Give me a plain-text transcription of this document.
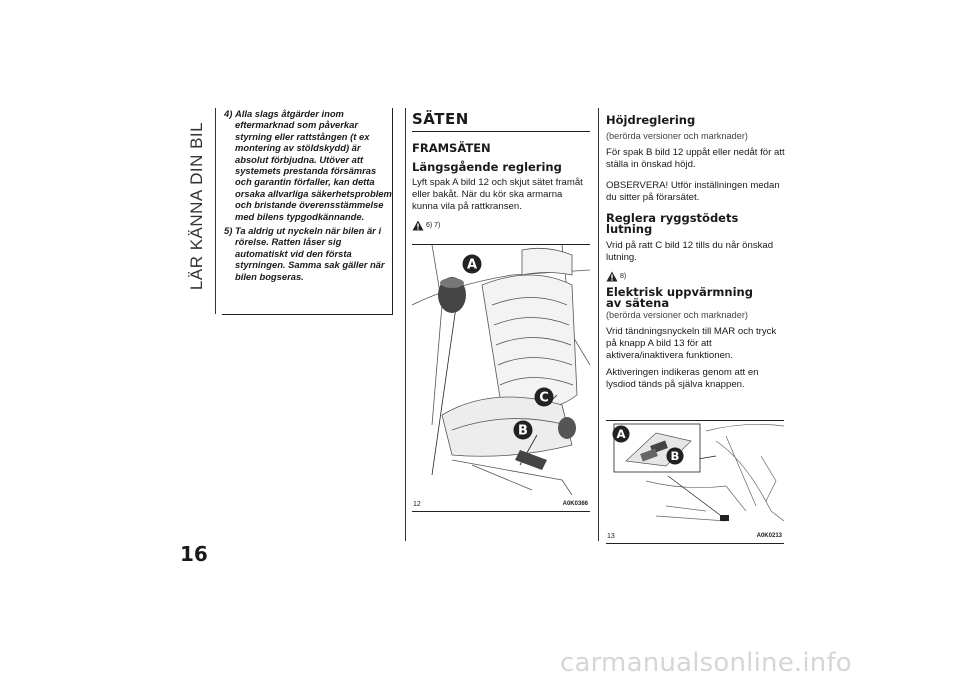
LÄR KÄNNA DIN BIL
16
4) Alla slags åtgärder inom eftermarknad som påverkar styrning eller rattstången (t ex montering av stöldskydd) är absolut förbjudna. Utöver att systemets prestanda försämras och garantin förfaller, kan detta orsaka allvarliga säkerhetsproblem och bristande överensstämmelse med bilens typgodkännande.
5) Ta aldrig ut nyckeln när bilen är i rörelse. Ratten låser sig automatiskt vid den första styrningen. Samma sak gäller när bilen bogseras.
SÄTEN
FRAMSÄTEN
Längsgående reglering

Lyft spak A bild 12 och skjut sätet framåt eller bakåt. När du kör ska armarna kunna vila på rattkransen.

6) 7)
A
B
C
12	A0K0366
Höjdreglering

(berörda versioner och marknader)

För spak B bild 12 uppåt eller nedåt för att ställa in önskad höjd.

OBSERVERA! Utför inställningen medan du sitter på förarsätet.

Reglera ryggstödets
lutning

Vrid på ratt C bild 12 tills du når önskad lutning.

8)
Elektrisk uppvärmning
av sätena

(berörda versioner och marknader)

Vrid tändningsnyckeln till MAR och tryck på knapp A bild 13 för att aktivera/inaktivera funktionen.

Aktiveringen indikeras genom att en lysdiod tänds på själva knappen.

A
B
13	A0K0213
carmanualsonline.info
